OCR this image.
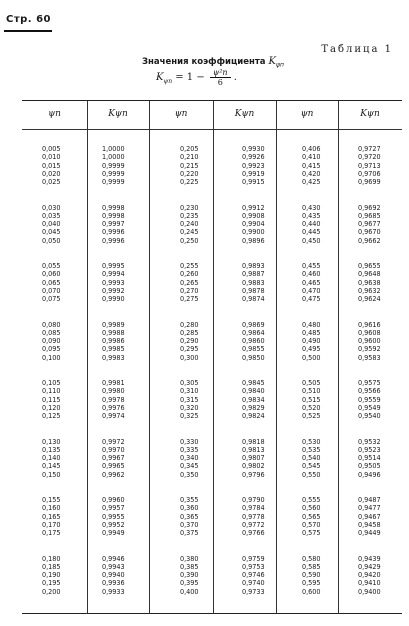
Стр. 60
Таблица 1
Значения коэффициента $K_{\psi п}$
$K_{\psi п} = 1 - \frac{\text{ψ²п}}{6}$ .
ψп	Kψп	ψп	Kψп	ψп	Kψп
0,005	1,0000	0,205	0,9930	0,406	0,9727
0,010	1,0000	0,210	0,9926	0,410	0,9720
0,015	0,9999	0,215	0,9923	0,415	0,9713
0,020	0,9999	0,220	0,9919	0,420	0,9706
0,025	0,9999	0,225	0,9915	0,425	0,9699
0,030	0,9998	0,230	0,9912	0,430	0,9692
0,035	0,9998	0,235	0,9908	0,435	0,9685
0,040	0,9997	0,240	0,9904	0,440	0,9677
0,045	0,9996	0,245	0,9900	0,445	0,9670
0,050	0,9996	0,250	0,9896	0,450	0,9662
0,055	0,9995	0,255	0,9893	0,455	0,9655
0,060	0,9994	0,260	0,9887	0,460	0,9648
0,065	0,9993	0,265	0,9883	0,465	0,9638
0,070	0,9992	0,270	0,9878	0,470	0,9632
0,075	0,9990	0,275	0,9874	0,475	0,9624
0,080	0,9989	0,280	0,9869	0,480	0,9616
0,085	0,9988	0,285	0,9864	0,485	0,9608
0,090	0,9986	0,290	0,9860	0,490	0,9600
0,095	0,9985	0,295	0,9855	0,495	0,9592
0,100	0,9983	0,300	0,9850	0,500	0,9583
0,105	0,9981	0,305	0,9845	0,505	0,9575
0,110	0,9980	0,310	0,9840	0,510	0,9566
0,115	0,9978	0,315	0,9834	0,515	0,9559
0,120	0,9976	0,320	0,9829	0,520	0,9549
0,125	0,9974	0,325	0,9824	0,525	0,9540
0,130	0,9972	0,330	0,9818	0,530	0,9532
0,135	0,9970	0,335	0,9813	0,535	0,9523
0,140	0,9967	0,340	0,9807	0,540	0,9514
0,145	0,9965	0,345	0,9802	0,545	0,9505
0,150	0,9962	0,350	0,9796	0,550	0,9496
0,155	0,9960	0,355	0,9790	0,555	0,9487
0,160	0,9957	0,360	0,9784	0,560	0,9477
0,165	0,9955	0,365	0,9778	0,565	0,9467
0,170	0,9952	0,370	0,9772	0,570	0,9458
0,175	0,9949	0,375	0,9766	0,575	0,9449
0,180	0,9946	0,380	0,9759	0,580	0,9439
0,185	0,9943	0,385	0,9753	0,585	0,9429
0,190	0,9940	0,390	0,9746	0,590	0,9420
0,195	0,9936	0,395	0,9740	0,595	0,9410
0,200	0,9933	0,400	0,9733	0,600	0,9400
